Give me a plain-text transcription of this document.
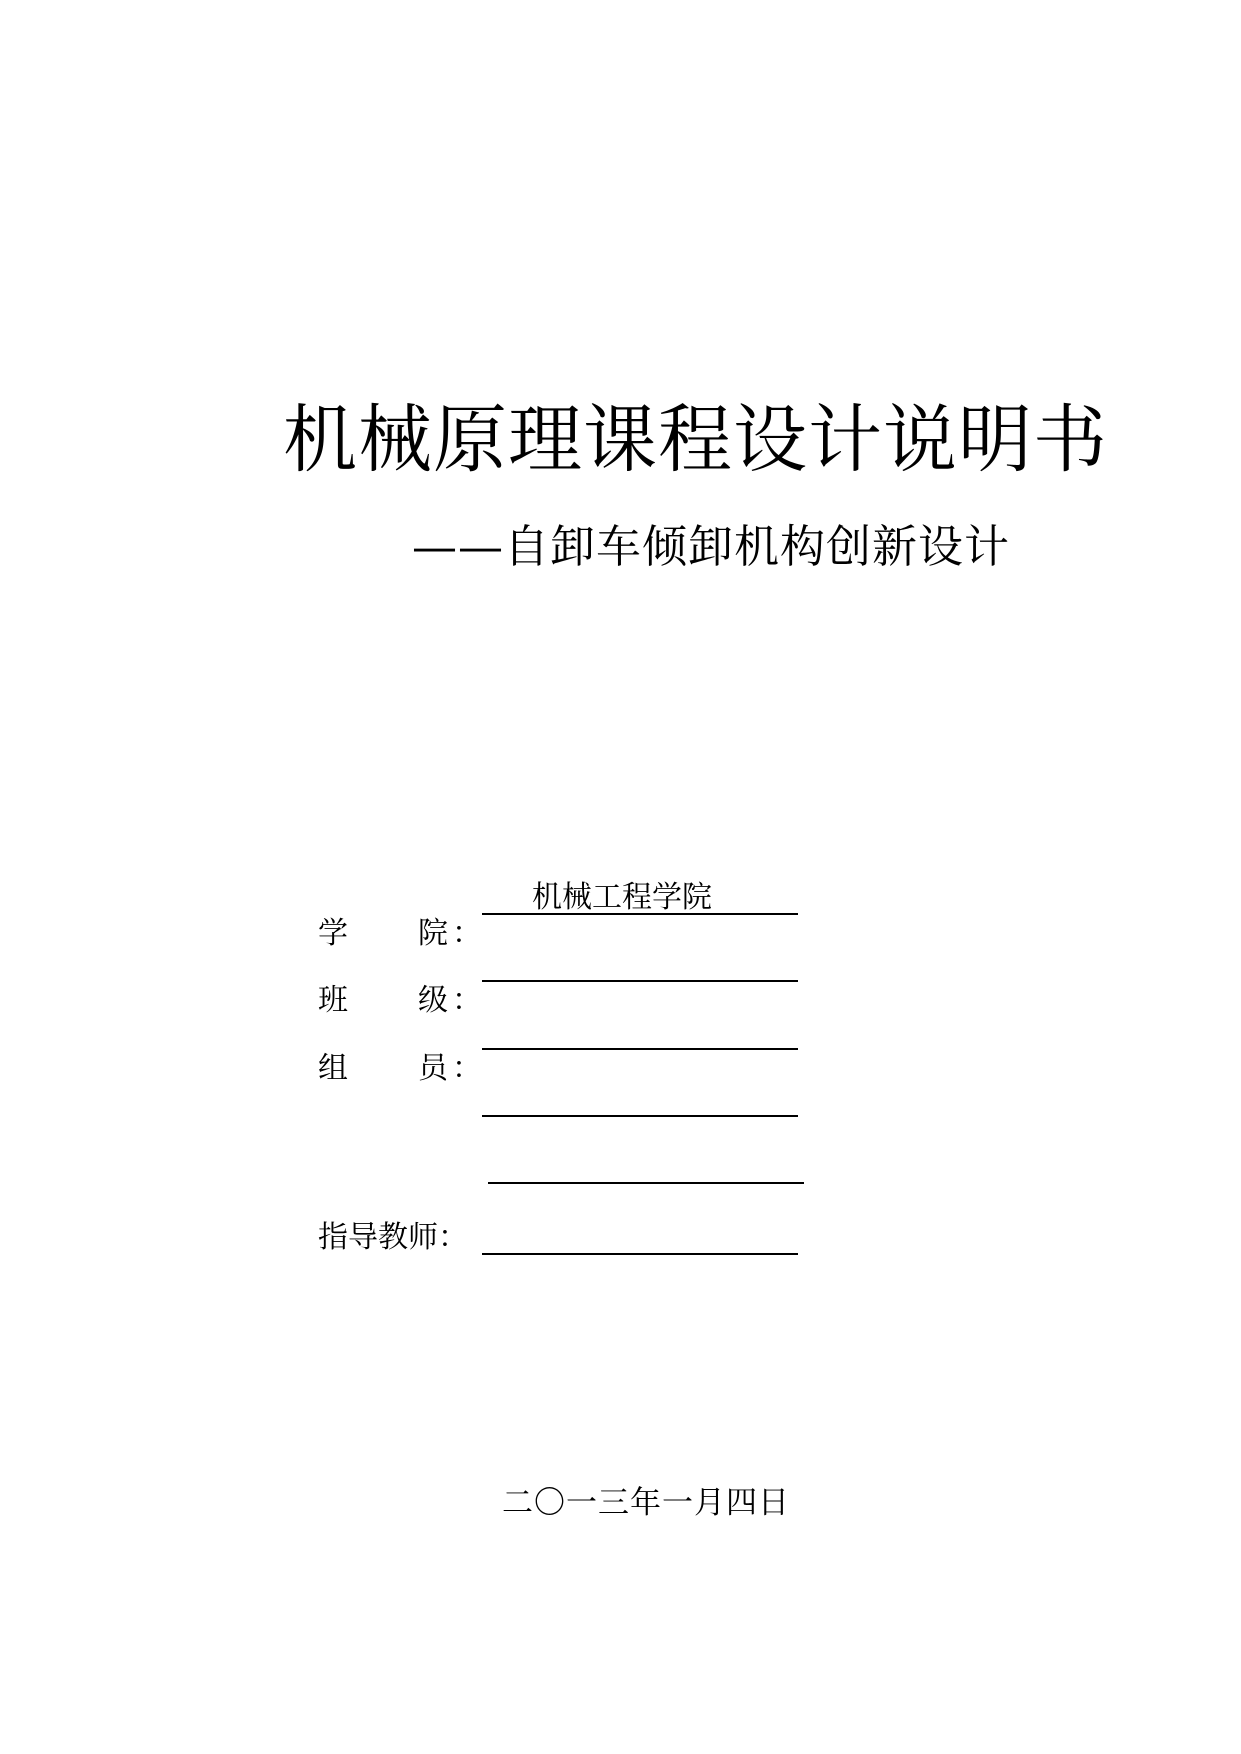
机械原理课程设计说明书
——自卸车倾卸机构创新设计
学 院 ：
机械工程学院
班 级 ：
组 员 ：
指导教师：
二〇一三年一月四日
